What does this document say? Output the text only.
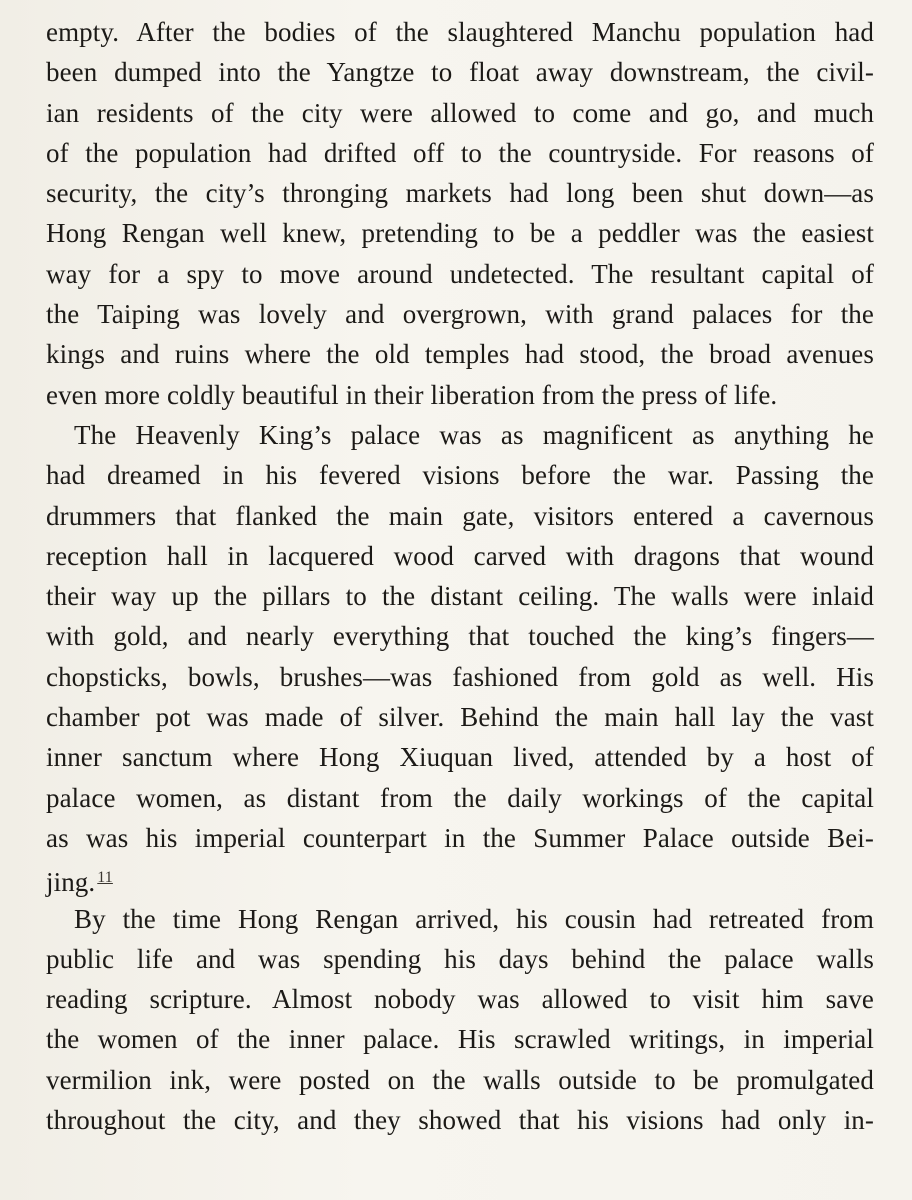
empty. After the bodies of the slaughtered Manchu population had
been dumped into the Yangtze to float away downstream, the civil-
ian residents of the city were allowed to come and go, and much
of the population had drifted off to the countryside. For reasons of
security, the city’s thronging markets had long been shut down—as
Hong Rengan well knew, pretending to be a peddler was the easiest
way for a spy to move around undetected. The resultant capital of
the Taiping was lovely and overgrown, with grand palaces for the
kings and ruins where the old temples had stood, the broad avenues
even more coldly beautiful in their liberation from the press of life.
The Heavenly King’s palace was as magnificent as anything he
had dreamed in his fevered visions before the war. Passing the
drummers that flanked the main gate, visitors entered a cavernous
reception hall in lacquered wood carved with dragons that wound
their way up the pillars to the distant ceiling. The walls were inlaid
with gold, and nearly everything that touched the king’s fingers—
chopsticks, bowls, brushes—was fashioned from gold as well. His
chamber pot was made of silver. Behind the main hall lay the vast
inner sanctum where Hong Xiuquan lived, attended by a host of
palace women, as distant from the daily workings of the capital
as was his imperial counterpart in the Summer Palace outside Bei-
jing. $^{11}$
By the time Hong Rengan arrived, his cousin had retreated from
public life and was spending his days behind the palace walls
reading scripture. Almost nobody was allowed to visit him save
the women of the inner palace. His scrawled writings, in imperial
vermilion ink, were posted on the walls outside to be promulgated
throughout the city, and they showed that his visions had only in-
